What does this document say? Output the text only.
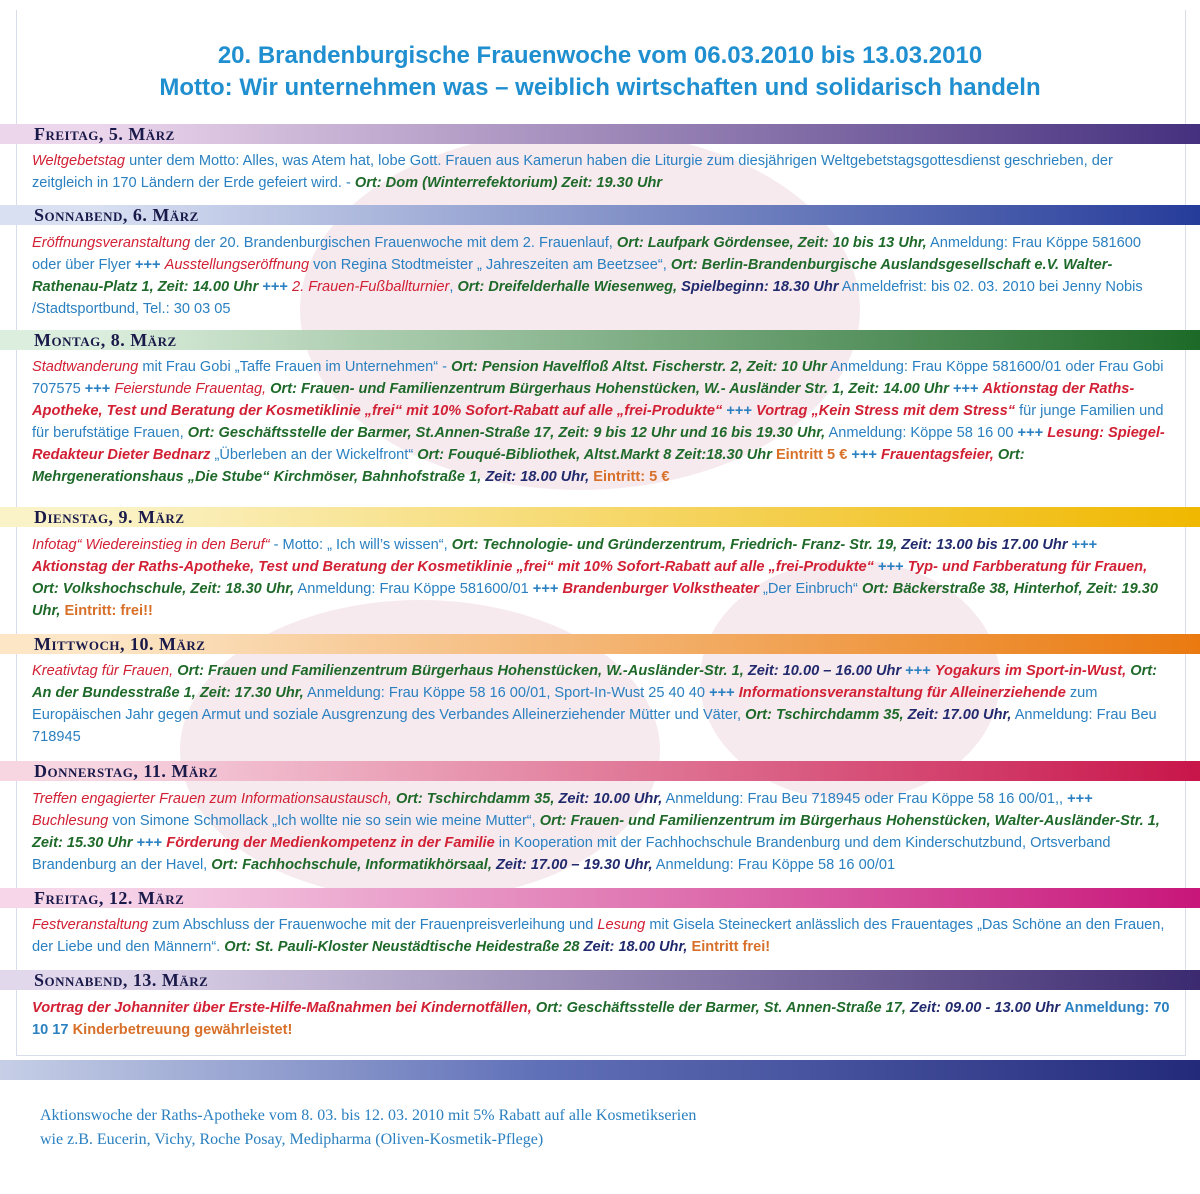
20. Brandenburgische Frauenwoche vom 06.03.2010 bis 13.03.2010
Motto: Wir unternehmen was – weiblich wirtschaften und solidarisch handeln
Freitag, 5. März
Weltgebetstag unter dem Motto: Alles, was Atem hat, lobe Gott. Frauen aus Kamerun haben die Liturgie zum diesjährigen Weltgebetstagsgottesdienst geschrieben, der zeitgleich in 170 Ländern der Erde gefeiert wird. - Ort: Dom (Winterrefektorium) Zeit: 19.30 Uhr
Sonnabend, 6. März
Eröffnungsveranstaltung der 20. Brandenburgischen Frauenwoche mit dem 2. Frauenlauf, Ort: Laufpark Gördensee, Zeit: 10 bis 13 Uhr, Anmeldung: Frau Köppe 581600 oder über Flyer +++ Ausstellungseröffnung von Regina Stodtmeister „ Jahreszeiten am Beetzsee“, Ort: Berlin-Brandenburgische Auslandsgesellschaft e.V. Walter-Rathenau-Platz 1, Zeit: 14.00 Uhr +++ 2. Frauen-Fußballturnier, Ort: Dreifelderhalle Wiesenweg, Spielbeginn: 18.30 Uhr Anmeldefrist: bis 02. 03. 2010 bei Jenny Nobis /Stadtsportbund, Tel.: 30 03 05
Montag, 8. März
Stadtwanderung mit Frau Gobi „Taffe Frauen im Unternehmen“ - Ort: Pension Havelfloß Altst. Fischerstr. 2, Zeit: 10 Uhr Anmeldung: Frau Köppe 581600/01 oder Frau Gobi 707575 +++ Feierstunde Frauentag, Ort: Frauen- und Familienzentrum Bürgerhaus Hohenstücken, W.- Ausländer Str. 1, Zeit: 14.00 Uhr +++ Aktionstag der Raths-Apotheke, Test und Beratung der Kosmetiklinie „frei“ mit 10% Sofort-Rabatt auf alle „frei-Produkte“ +++ Vortrag „Kein Stress mit dem Stress“ für junge Familien und für berufstätige Frauen, Ort: Geschäftsstelle der Barmer, St.Annen-Straße 17, Zeit: 9 bis 12 Uhr und 16 bis 19.30 Uhr, Anmeldung: Köppe 58 16 00 +++ Lesung: Spiegel-Redakteur Dieter Bednarz „Überleben an der Wickelfront“ Ort: Fouqué-Bibliothek, Altst.Markt 8 Zeit:18.30 Uhr Eintritt 5 € +++ Frauentagsfeier, Ort: Mehrgenerationshaus „Die Stube“ Kirchmöser, Bahnhofstraße 1, Zeit: 18.00 Uhr, Eintritt: 5 €
Dienstag, 9. März
Infotag“ Wiedereinstieg in den Beruf“ - Motto: „ Ich will’s wissen“, Ort: Technologie- und Gründerzentrum, Friedrich- Franz- Str. 19, Zeit: 13.00 bis 17.00 Uhr +++ Aktionstag der Raths-Apotheke, Test und Beratung der Kosmetiklinie „frei“ mit 10% Sofort-Rabatt auf alle „frei-Produkte“ +++ Typ- und Farbberatung für Frauen, Ort: Volkshochschule, Zeit: 18.30 Uhr, Anmeldung: Frau Köppe 581600/01 +++ Brandenburger Volkstheater „Der Einbruch“ Ort: Bäckerstraße 38, Hinterhof, Zeit: 19.30 Uhr, Eintritt: frei!!
Mittwoch, 10. März
Kreativtag für Frauen, Ort: Frauen und Familienzentrum Bürgerhaus Hohenstücken, W.-Ausländer-Str. 1, Zeit: 10.00 – 16.00 Uhr +++ Yogakurs im Sport-in-Wust, Ort: An der Bundesstraße 1, Zeit: 17.30 Uhr, Anmeldung: Frau Köppe 58 16 00/01, Sport-In-Wust 25 40 40 +++ Informationsveranstaltung für Alleinerziehende zum Europäischen Jahr gegen Armut und soziale Ausgrenzung des Verbandes Alleinerziehender Mütter und Väter, Ort: Tschirchdamm 35, Zeit: 17.00 Uhr, Anmeldung: Frau Beu 718945
Donnerstag, 11. März
Treffen engagierter Frauen zum Informationsaustausch, Ort: Tschirchdamm 35, Zeit: 10.00 Uhr, Anmeldung: Frau Beu 718945 oder Frau Köppe 58 16 00/01,, +++ Buchlesung von Simone Schmollack „Ich wollte nie so sein wie meine Mutter“, Ort: Frauen- und Familienzentrum im Bürgerhaus Hohenstücken, Walter-Ausländer-Str. 1, Zeit: 15.30 Uhr +++ Förderung der Medienkompetenz in der Familie in Kooperation mit der Fachhochschule Brandenburg und dem Kinderschutzbund, Ortsverband Brandenburg an der Havel, Ort: Fachhochschule, Informatikhörsaal, Zeit: 17.00 – 19.30 Uhr, Anmeldung: Frau Köppe 58 16 00/01
Freitag, 12. März
Festveranstaltung zum Abschluss der Frauenwoche mit der Frauenpreisverleihung und Lesung mit Gisela Steineckert anlässlich des Frauentages „Das Schöne an den Frauen, der Liebe und den Männern“. Ort: St. Pauli-Kloster Neustädtische Heidestraße 28 Zeit: 18.00 Uhr, Eintritt frei!
Sonnabend, 13. März
Vortrag der Johanniter über Erste-Hilfe-Maßnahmen bei Kindernotfällen, Ort: Geschäftsstelle der Barmer, St. Annen-Straße 17, Zeit: 09.00 - 13.00 Uhr Anmeldung: 70 10 17 Kinderbetreuung gewährleistet!
Aktionswoche der Raths-Apotheke vom 8. 03. bis 12. 03. 2010 mit 5% Rabatt auf alle Kosmetikserien
wie z.B. Eucerin, Vichy, Roche Posay, Medipharma (Oliven-Kosmetik-Pflege)
